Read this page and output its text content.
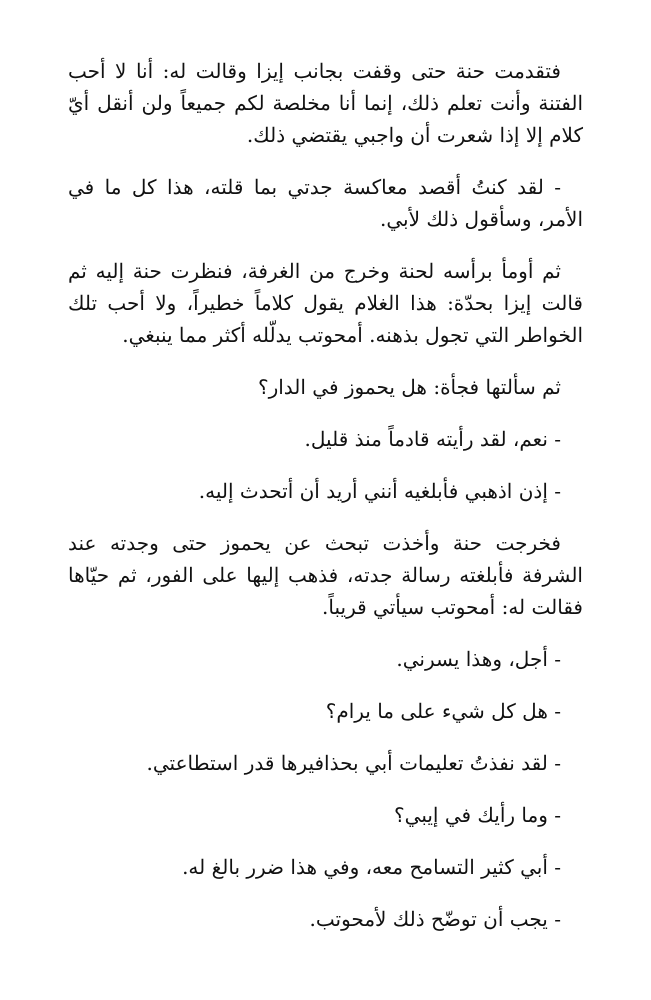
فتقدمت حنة حتى وقفت بجانب إيزا وقالت له: أنا لا أحب الفتنة وأنت تعلم ذلك، إنما أنا مخلصة لكم جميعاً ولن أنقل أيّ كلام إلا إذا شعرت أن واجبي يقتضي ذلك.

- لقد كنتُ أقصد معاكسة جدتي بما قلته، هذا كل ما في الأمر، وسأقول ذلك لأبي.

ثم أومأ برأسه لحنة وخرج من الغرفة، فنظرت حنة إليه ثم قالت إيزا بحدّة: هذا الغلام يقول كلاماً خطيراً، ولا أحب تلك الخواطر التي تجول بذهنه. أمحوتب يدلّله أكثر مما ينبغي.

ثم سألتها فجأة: هل يحموز في الدار؟

- نعم، لقد رأيته قادماً منذ قليل.

- إذن اذهبي فأبلغيه أنني أريد أن أتحدث إليه.

فخرجت حنة وأخذت تبحث عن يحموز حتى وجدته عند الشرفة فأبلغته رسالة جدته، فذهب إليها على الفور، ثم حيّاها فقالت له: أمحوتب سيأتي قريباً.

- أجل، وهذا يسرني.

- هل كل شيء على ما يرام؟

- لقد نفذتُ تعليمات أبي بحذافيرها قدر استطاعتي.

- وما رأيك في إيبي؟

- أبي كثير التسامح معه، وفي هذا ضرر بالغ له.

- يجب أن توضّح ذلك لأمحوتب.
